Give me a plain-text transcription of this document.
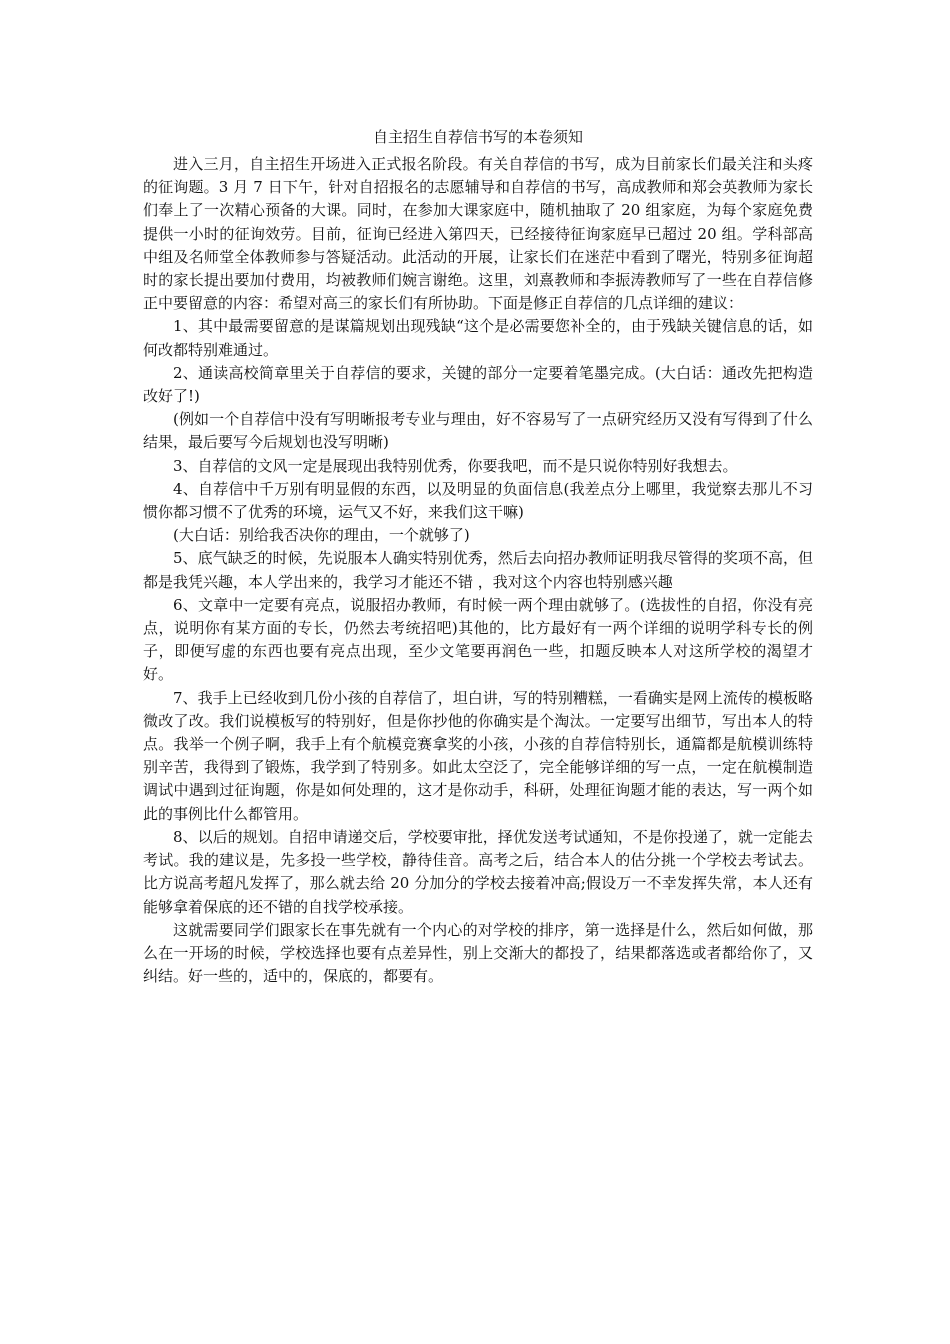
自主招生自荐信书写的本卷须知

进入三月，自主招生开场进入正式报名阶段。有关自荐信的书写，成为目前家长们最关注和头疼的征询题。3 月 7 日下午，针对自招报名的志愿辅导和自荐信的书写，高成教师和郑会英教师为家长们奉上了一次精心预备的大课。同时，在参加大课家庭中，随机抽取了 20 组家庭，为每个家庭免费提供一小时的征询效劳。目前，征询已经进入第四天，已经接待征询家庭早已超过 20 组。学科部高中组及名师堂全体教师参与答疑活动。此活动的开展，让家长们在迷茫中看到了曙光，特别多征询超时的家长提出要加付费用，均被教师们婉言谢绝。这里，刘熹教师和李振涛教师写了一些在自荐信修正中要留意的内容：希望对高三的家长们有所协助。下面是修正自荐信的几点详细的建议：

1、其中最需要留意的是谋篇规划出现残缺“这个是必需要您补全的，由于残缺关键信息的话，如何改都特别难通过。

2、通读高校简章里关于自荐信的要求，关键的部分一定要着笔墨完成。(大白话：通改先把构造改好了!)

(例如一个自荐信中没有写明晰报考专业与理由，好不容易写了一点研究经历又没有写得到了什么结果，最后要写今后规划也没写明晰)

3、自荐信的文风一定是展现出我特别优秀，你要我吧，而不是只说你特别好我想去。

4、自荐信中千万别有明显假的东西，以及明显的负面信息(我差点分上哪里，我觉察去那儿不习惯你都习惯不了优秀的环境，运气又不好，来我们这干嘛)

(大白话：别给我否决你的理由，一个就够了)

5、底气缺乏的时候，先说服本人确实特别优秀，然后去向招办教师证明我尽管得的奖项不高，但都是我凭兴趣，本人学出来的，我学习才能还不错 ，我对这个内容也特别感兴趣

6、文章中一定要有亮点，说服招办教师，有时候一两个理由就够了。(选拔性的自招，你没有亮点，说明你有某方面的专长，仍然去考统招吧)其他的，比方最好有一两个详细的说明学科专长的例子，即便写虚的东西也要有亮点出现，至少文笔要再润色一些，扣题反映本人对这所学校的渴望才好。

7、我手上已经收到几份小孩的自荐信了，坦白讲，写的特别糟糕，一看确实是网上流传的模板略微改了改。我们说模板写的特别好，但是你抄他的你确实是个淘汰。一定要写出细节，写出本人的特点。我举一个例子啊，我手上有个航模竞赛拿奖的小孩，小孩的自荐信特别长，通篇都是航模训练特别辛苦，我得到了锻炼，我学到了特别多。如此太空泛了，完全能够详细的写一点，一定在航模制造调试中遇到过征询题，你是如何处理的，这才是你动手，科研，处理征询题才能的表达，写一两个如此的事例比什么都管用。

8、以后的规划。自招申请递交后，学校要审批，择优发送考试通知，不是你投递了，就一定能去考试。我的建议是，先多投一些学校，静待佳音。高考之后，结合本人的估分挑一个学校去考试去。比方说高考超凡发挥了，那么就去给 20 分加分的学校去接着冲高;假设万一不幸发挥失常，本人还有能够拿着保底的还不错的自找学校承接。

这就需要同学们跟家长在事先就有一个内心的对学校的排序，第一选择是什么，然后如何做，那么在一开场的时候，学校选择也要有点差异性，别上交渐大的都投了，结果都落选或者都给你了，又纠结。好一些的，适中的，保底的，都要有。
